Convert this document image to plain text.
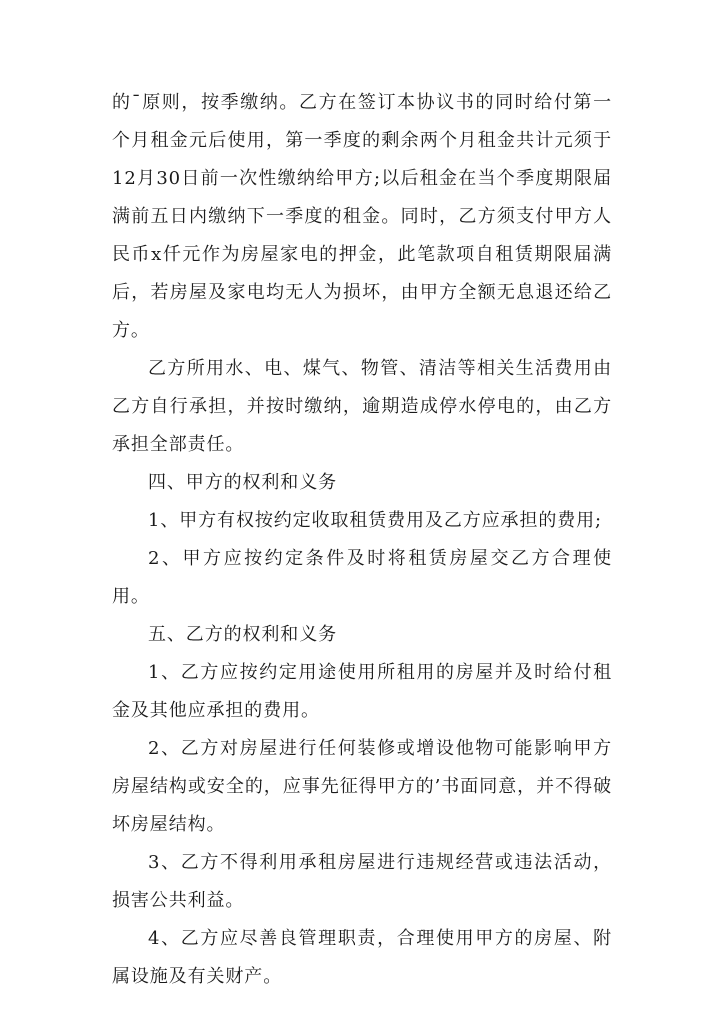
的¯原则，按季缴纳。乙方在签订本协议书的同时给付第一个月租金元后使用，第一季度的剩余两个月租金共计元须于12月30日前一次性缴纳给甲方;以后租金在当个季度期限届满前五日内缴纳下一季度的租金。同时，乙方须支付甲方人民币x仟元作为房屋家电的押金，此笔款项自租赁期限届满后，若房屋及家电均无人为损坏，由甲方全额无息退还给乙方。

乙方所用水、电、煤气、物管、清洁等相关生活费用由乙方自行承担，并按时缴纳，逾期造成停水停电的，由乙方承担全部责任。

四、甲方的权利和义务

1、甲方有权按约定收取租赁费用及乙方应承担的费用;

2、甲方应按约定条件及时将租赁房屋交乙方合理使用。

五、乙方的权利和义务

1、乙方应按约定用途使用所租用的房屋并及时给付租金及其他应承担的费用。

2、乙方对房屋进行任何装修或增设他物可能影响甲方房屋结构或安全的，应事先征得甲方的’书面同意，并不得破坏房屋结构。

3、乙方不得利用承租房屋进行违规经营或违法活动，损害公共利益。

4、乙方应尽善良管理职责，合理使用甲方的房屋、附属设施及有关财产。
